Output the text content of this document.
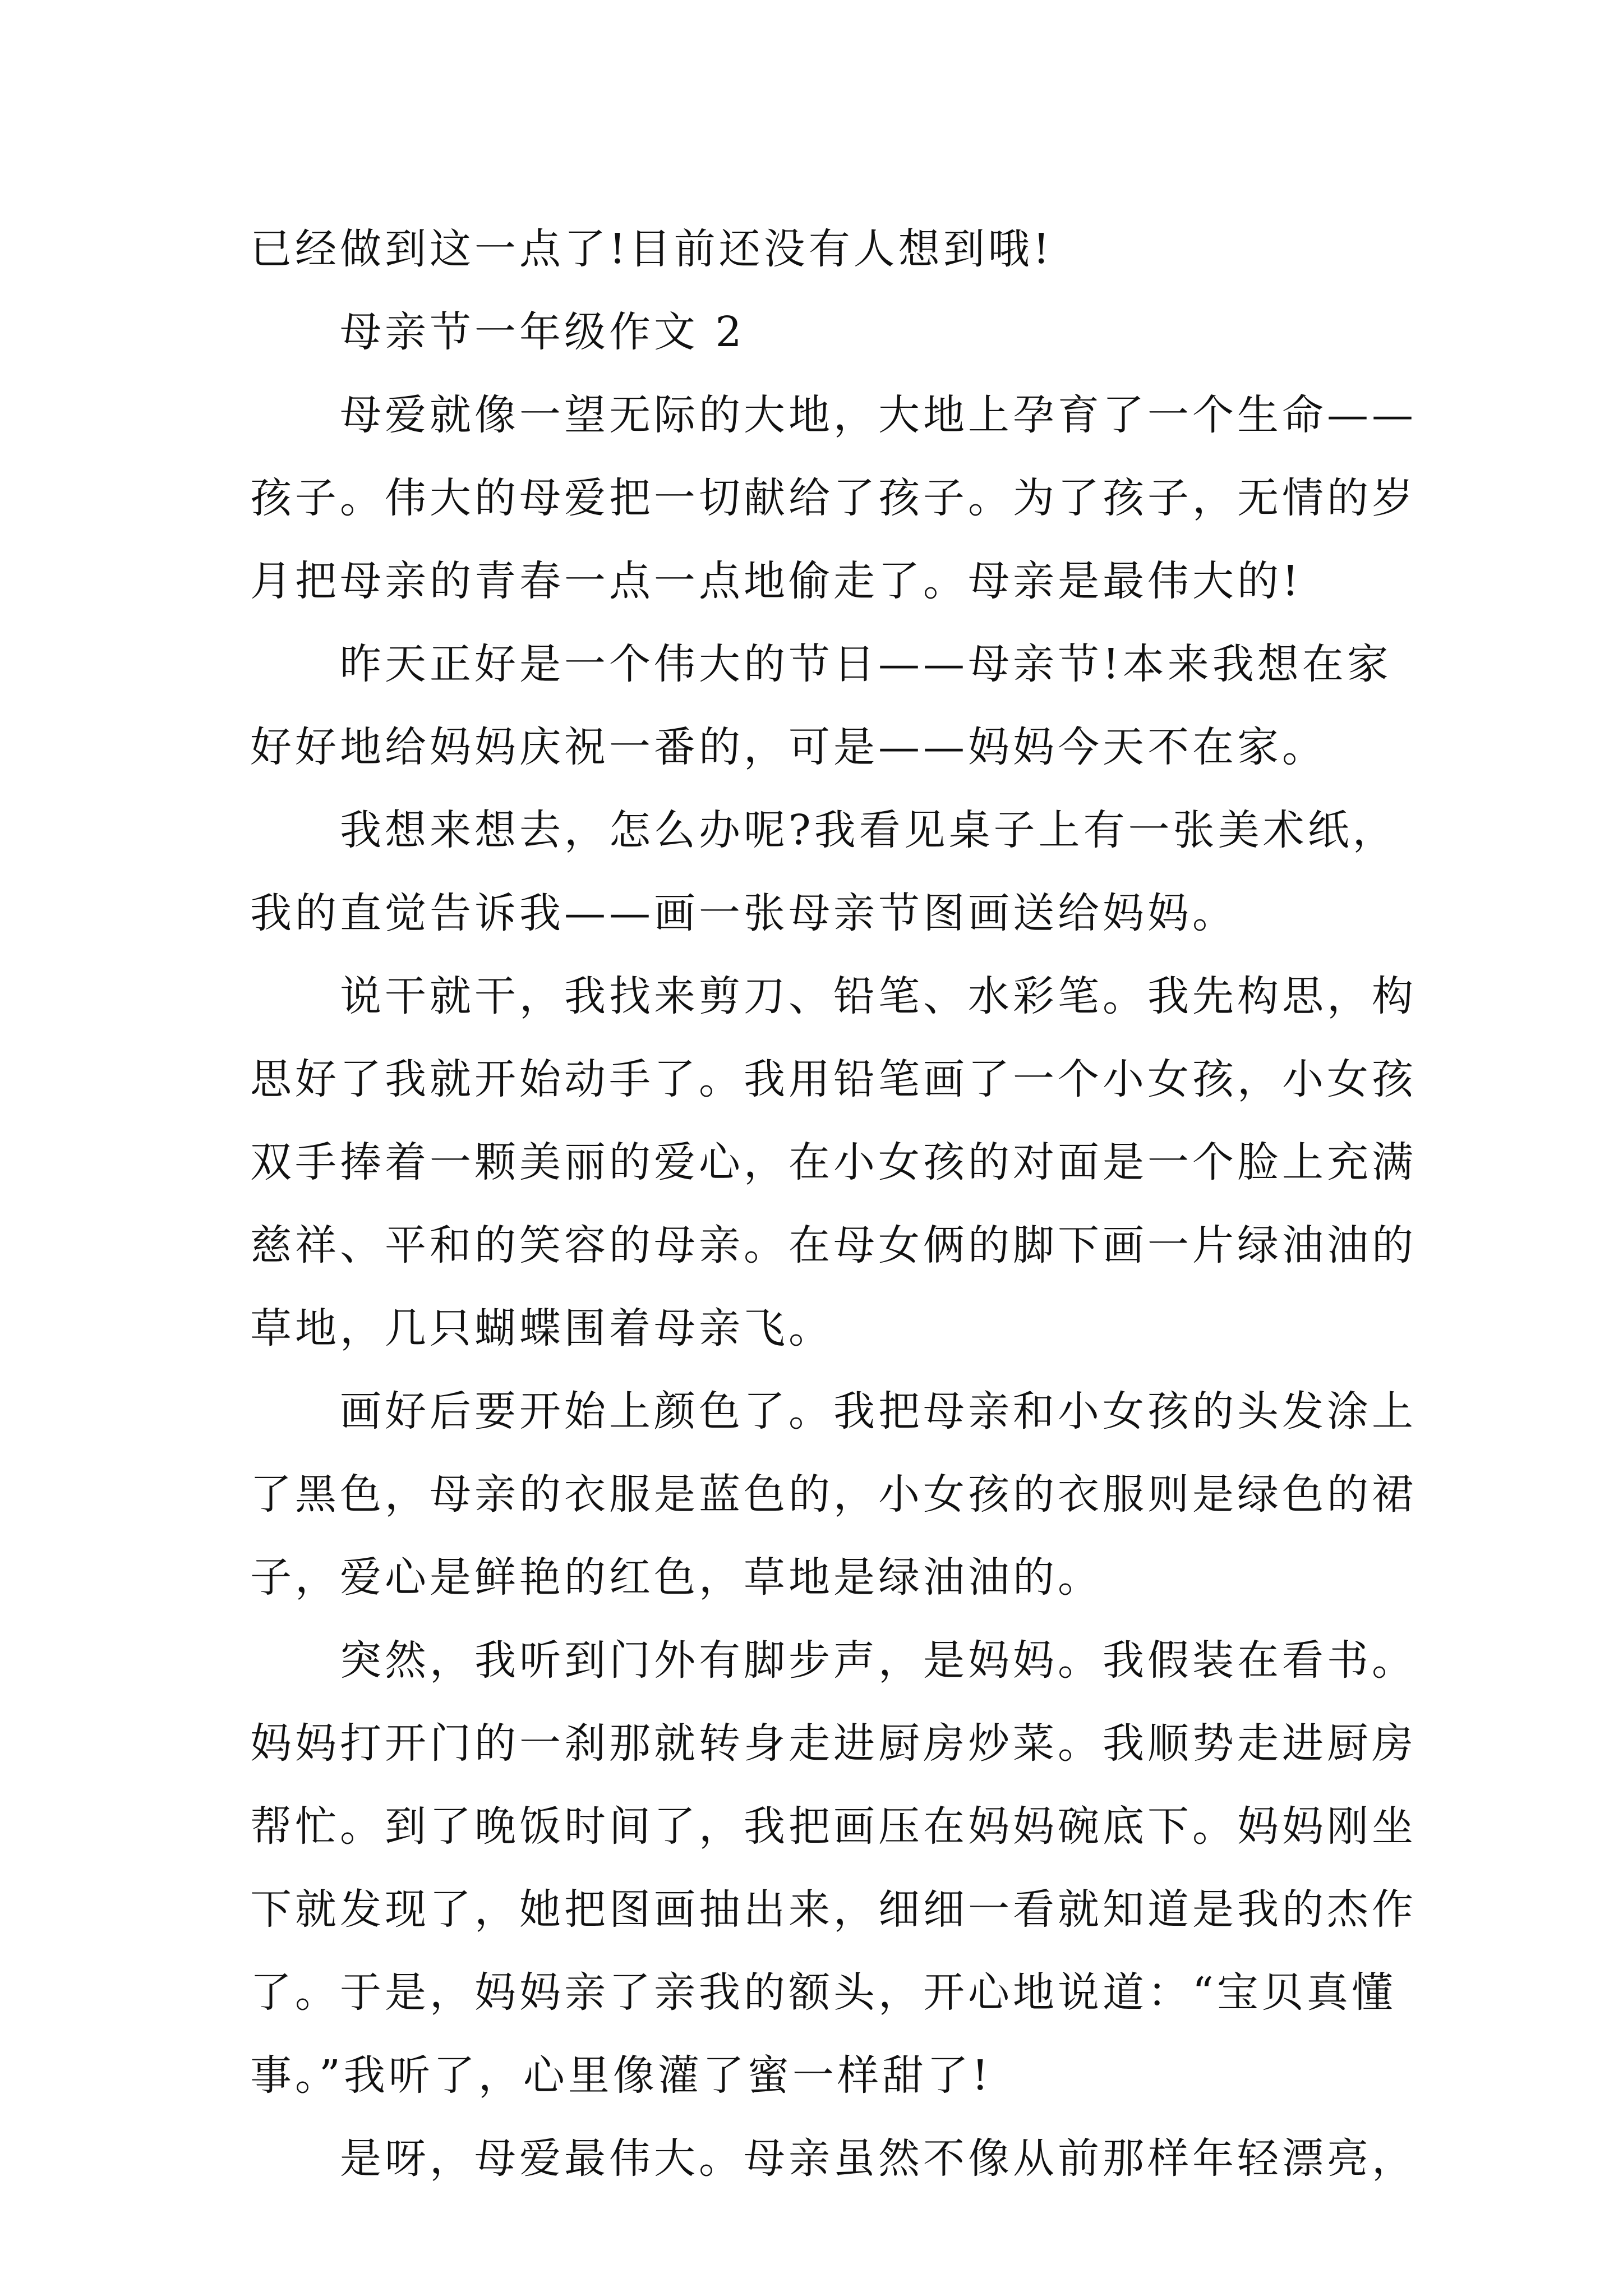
已经做到这一点了!目前还没有人想到哦!
母亲节一年级作文 2
母爱就像一望无际的大地，大地上孕育了一个生命——
孩子。伟大的母爱把一切献给了孩子。为了孩子，无情的岁
月把母亲的青春一点一点地偷走了。母亲是最伟大的!
昨天正好是一个伟大的节日——母亲节!本来我想在家
好好地给妈妈庆祝一番的，可是——妈妈今天不在家。
我想来想去，怎么办呢?我看见桌子上有一张美术纸，
我的直觉告诉我——画一张母亲节图画送给妈妈。
说干就干，我找来剪刀、铅笔、水彩笔。我先构思，构
思好了我就开始动手了。我用铅笔画了一个小女孩，小女孩
双手捧着一颗美丽的爱心，在小女孩的对面是一个脸上充满
慈祥、平和的笑容的母亲。在母女俩的脚下画一片绿油油的
草地，几只蝴蝶围着母亲飞。
画好后要开始上颜色了。我把母亲和小女孩的头发涂上
了黑色，母亲的衣服是蓝色的，小女孩的衣服则是绿色的裙
子，爱心是鲜艳的红色，草地是绿油油的。
突然，我听到门外有脚步声，是妈妈。我假装在看书。
妈妈打开门的一刹那就转身走进厨房炒菜。我顺势走进厨房
帮忙。到了晚饭时间了，我把画压在妈妈碗底下。妈妈刚坐
下就发现了，她把图画抽出来，细细一看就知道是我的杰作
了。于是，妈妈亲了亲我的额头，开心地说道：“宝贝真懂
事。”我听了，心里像灌了蜜一样甜了!
是呀，母爱最伟大。母亲虽然不像从前那样年轻漂亮，
